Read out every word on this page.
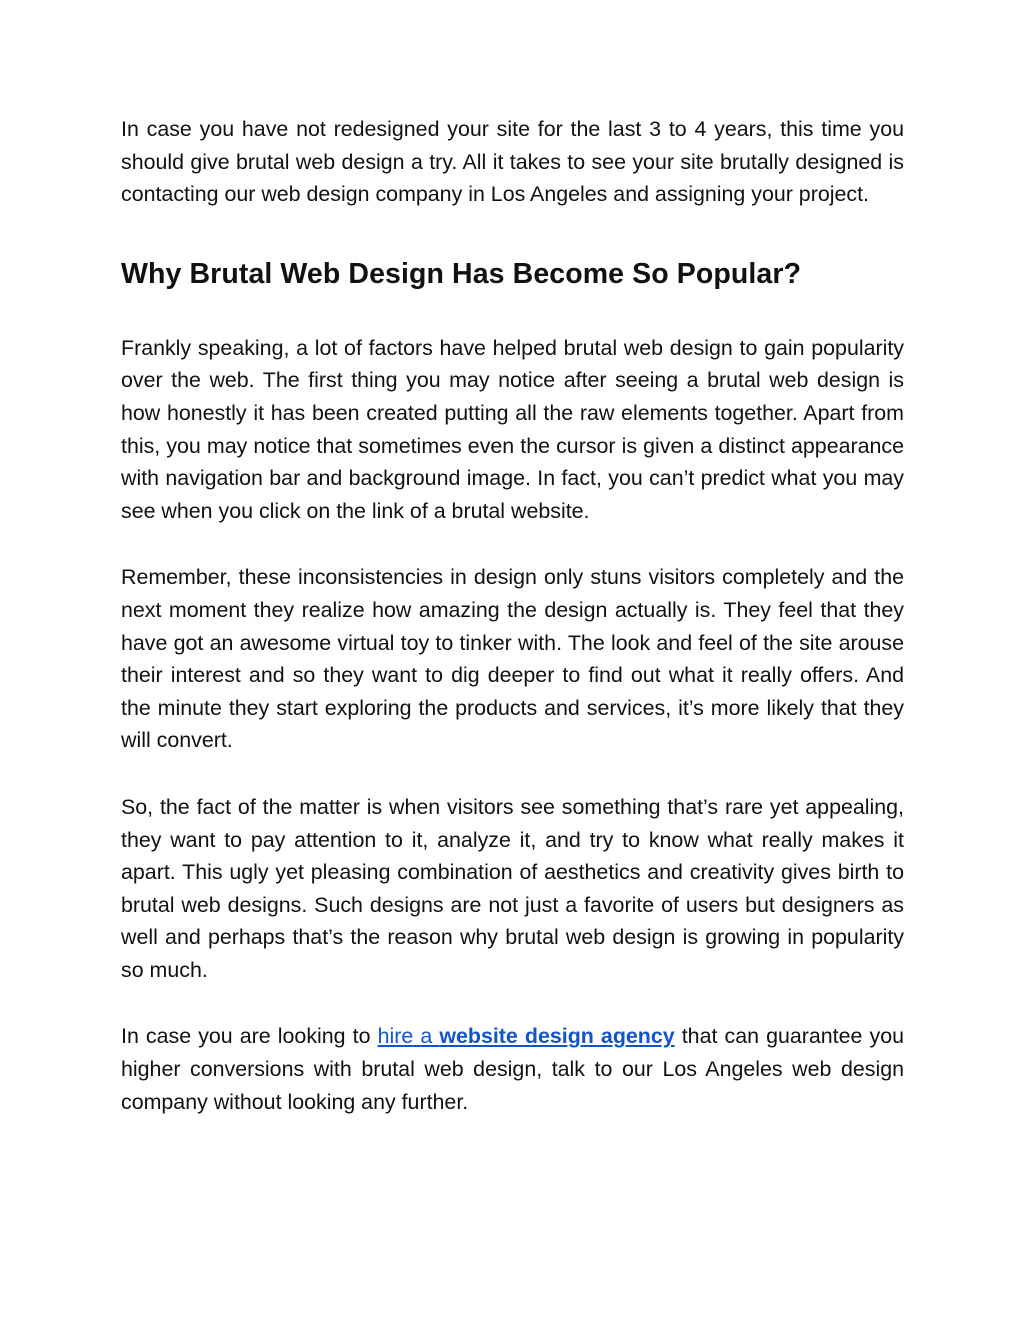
In case you have not redesigned your site for the last 3 to 4 years, this time you should give brutal web design a try. All it takes to see your site brutally designed is contacting our web design company in Los Angeles and assigning your project.

Why Brutal Web Design Has Become So Popular?

Frankly speaking, a lot of factors have helped brutal web design to gain popularity over the web. The first thing you may notice after seeing a brutal web design is how honestly it has been created putting all the raw elements together. Apart from this, you may notice that sometimes even the cursor is given a distinct appearance with navigation bar and background image. In fact, you can’t predict what you may see when you click on the link of a brutal website.

Remember, these inconsistencies in design only stuns visitors completely and the next moment they realize how amazing the design actually is. They feel that they have got an awesome virtual toy to tinker with. The look and feel of the site arouse their interest and so they want to dig deeper to find out what it really offers. And the minute they start exploring the products and services, it’s more likely that they will convert.

So, the fact of the matter is when visitors see something that’s rare yet appealing, they want to pay attention to it, analyze it, and try to know what really makes it apart. This ugly yet pleasing combination of aesthetics and creativity gives birth to brutal web designs. Such designs are not just a favorite of users but designers as well and perhaps that’s the reason why brutal web design is growing in popularity so much.

In case you are looking to hire a website design agency that can guarantee you higher conversions with brutal web design, talk to our Los Angeles web design company without looking any further.
